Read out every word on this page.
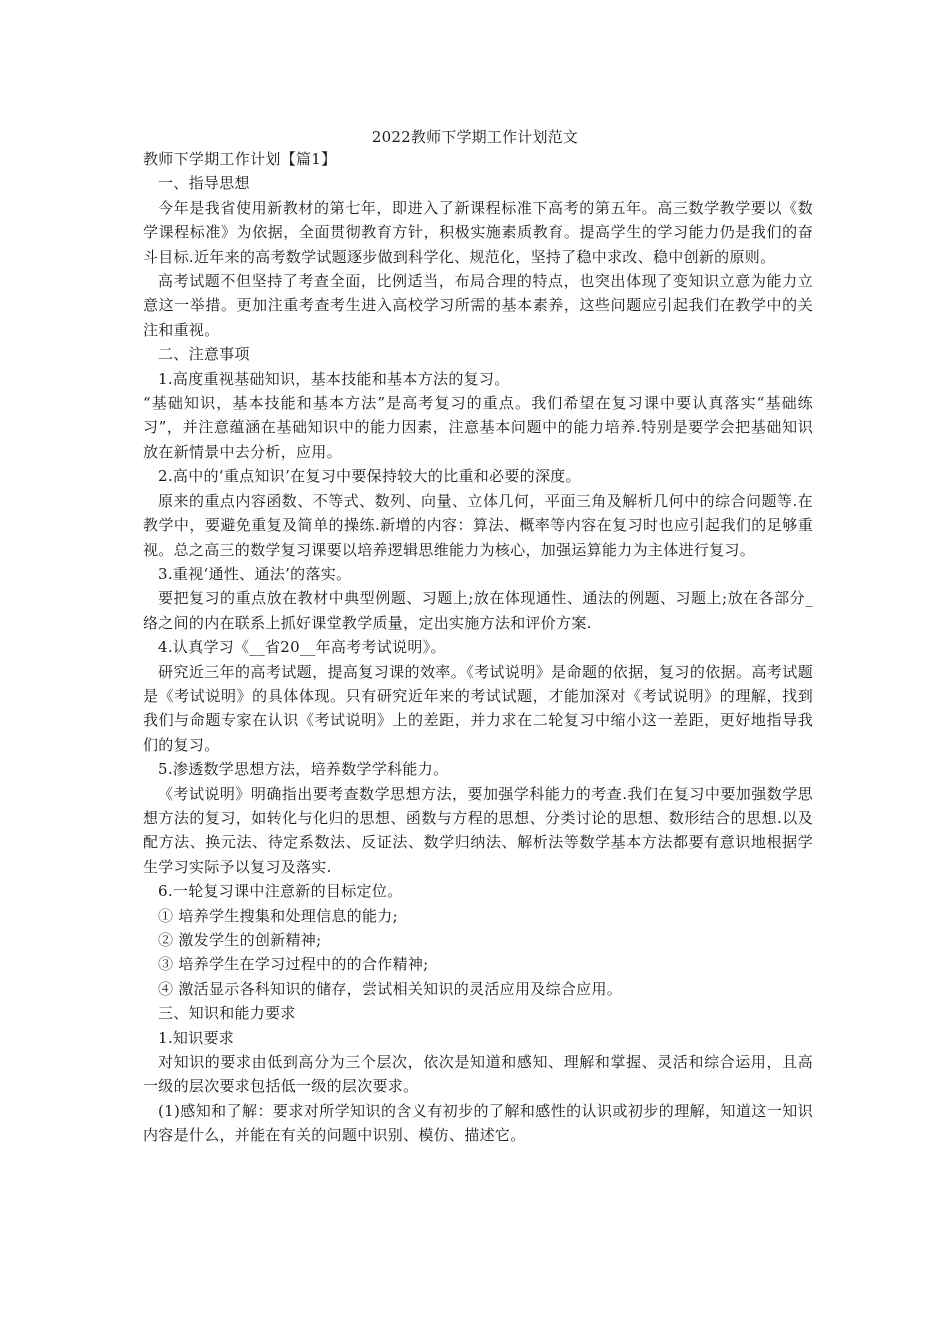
2022教师下学期工作计划范文

教师下学期工作计划【篇1】

一、指导思想

今年是我省使用新教材的第七年，即进入了新课程标准下高考的第五年。高三数学教学要以《数学课程标准》为依据，全面贯彻教育方针，积极实施素质教育。提高学生的学习能力仍是我们的奋斗目标.近年来的高考数学试题逐步做到科学化、规范化，坚持了稳中求改、稳中创新的原则。

高考试题不但坚持了考查全面，比例适当，布局合理的特点，也突出体现了变知识立意为能力立意这一举措。更加注重考查考生进入高校学习所需的基本素养，这些问题应引起我们在教学中的关注和重视。

二、注意事项

1.高度重视基础知识，基本技能和基本方法的复习。

“基础知识，基本技能和基本方法”是高考复习的重点。我们希望在复习课中要认真落实“基础练习”，并注意蕴涵在基础知识中的能力因素，注意基本问题中的能力培养.特别是要学会把基础知识放在新情景中去分析，应用。

2.高中的‘重点知识’在复习中要保持较大的比重和必要的深度。

原来的重点内容函数、不等式、数列、向量、立体几何，平面三角及解析几何中的综合问题等.在教学中，要避免重复及简单的操练.新增的内容：算法、概率等内容在复习时也应引起我们的足够重视。总之高三的数学复习课要以培养逻辑思维能力为核心，加强运算能力为主体进行复习。

3.重视‘通性、通法’的落实。

要把复习的重点放在教材中典型例题、习题上;放在体现通性、通法的例题、习题上;放在各部分_络之间的内在联系上抓好课堂教学质量，定出实施方法和评价方案.

4.认真学习《__省20__年高考考试说明》。

研究近三年的高考试题，提高复习课的效率。《考试说明》是命题的依据，复习的依据。高考试题是《考试说明》的具体体现。只有研究近年来的考试试题，才能加深对《考试说明》的理解，找到我们与命题专家在认识《考试说明》上的差距，并力求在二轮复习中缩小这一差距，更好地指导我们的复习。

5.渗透数学思想方法，培养数学学科能力。

《考试说明》明确指出要考查数学思想方法，要加强学科能力的考查.我们在复习中要加强数学思想方法的复习，如转化与化归的思想、函数与方程的思想、分类讨论的思想、数形结合的思想.以及配方法、换元法、待定系数法、反证法、数学归纳法、解析法等数学基本方法都要有意识地根据学生学习实际予以复习及落实.

6.一轮复习课中注意新的目标定位。

① 培养学生搜集和处理信息的能力;

② 激发学生的创新精神;

③ 培养学生在学习过程中的的合作精神;

④ 激活显示各科知识的储存，尝试相关知识的灵活应用及综合应用。

三、知识和能力要求

1.知识要求

对知识的要求由低到高分为三个层次，依次是知道和感知、理解和掌握、灵活和综合运用，且高一级的层次要求包括低一级的层次要求。

(1)感知和了解：要求对所学知识的含义有初步的了解和感性的认识或初步的理解，知道这一知识内容是什么，并能在有关的问题中识别、模仿、描述它。
